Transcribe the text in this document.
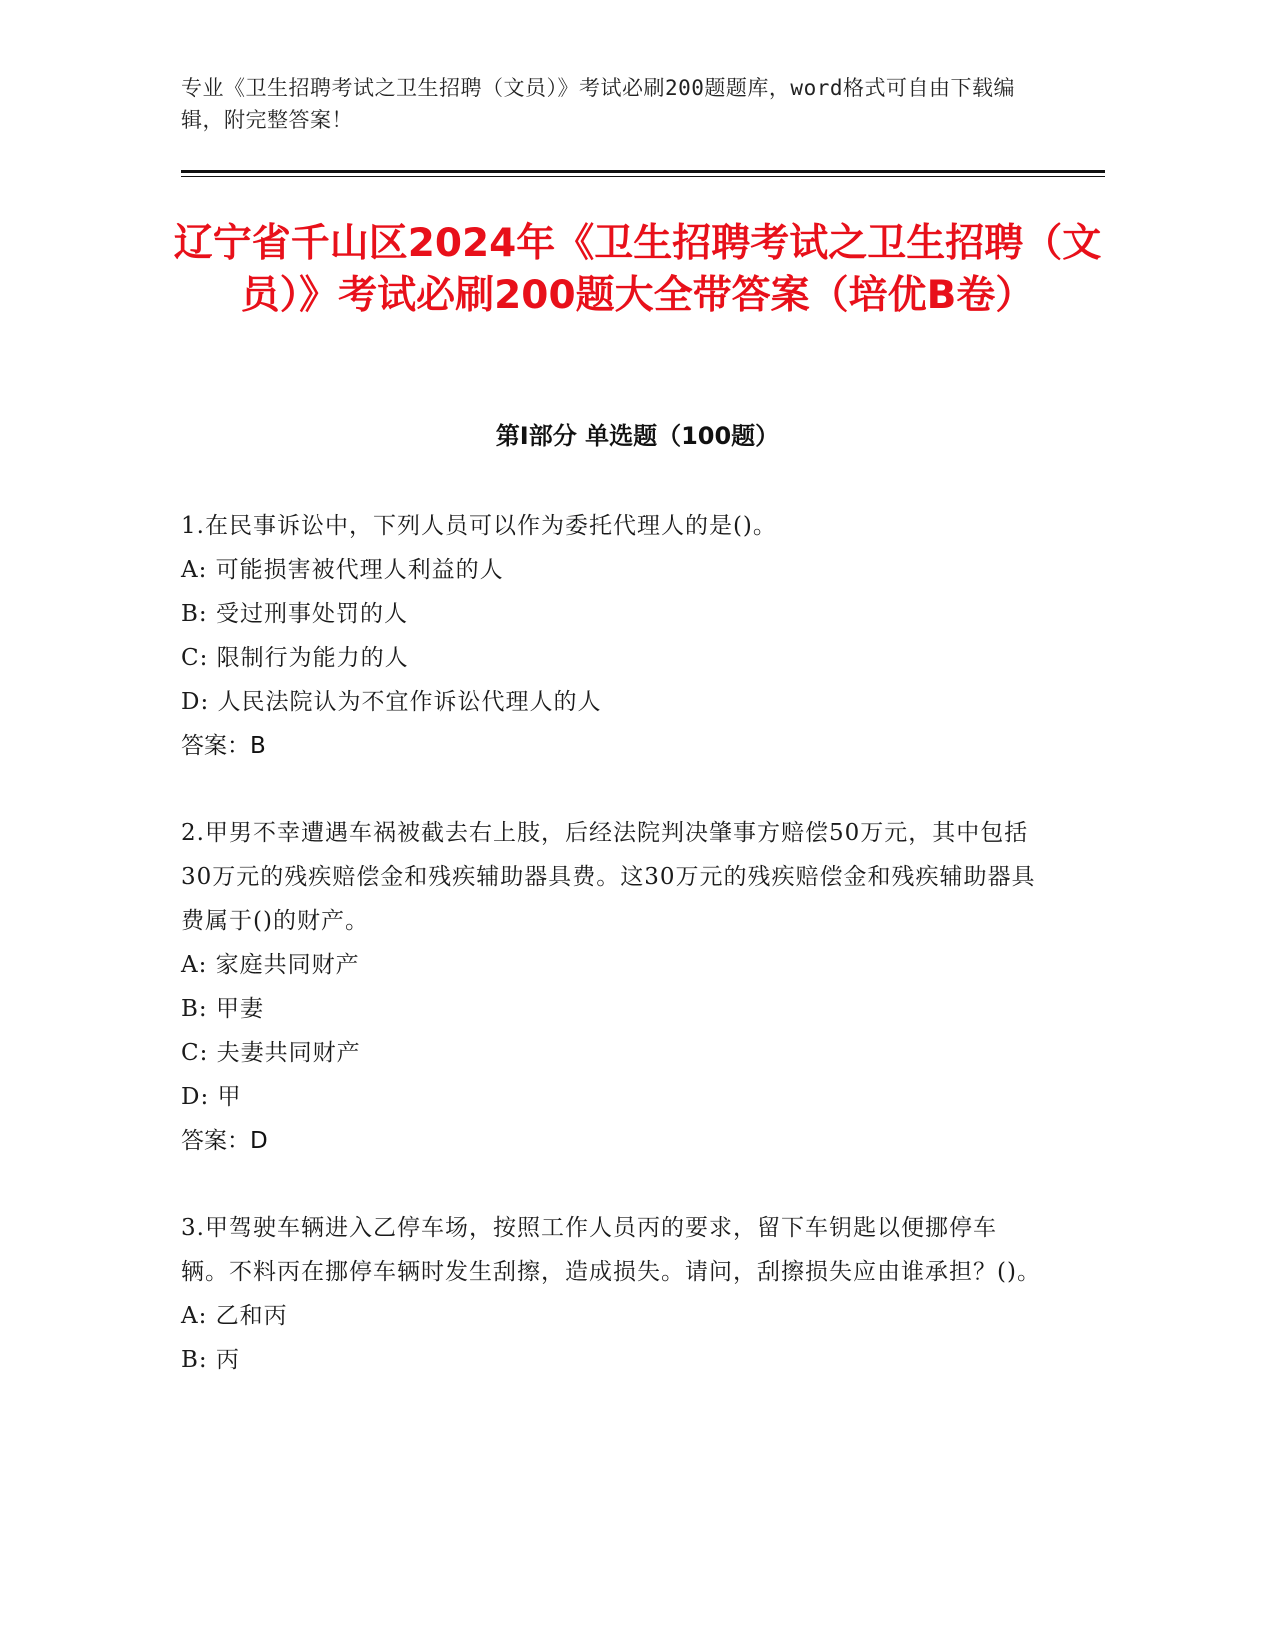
专业《卫生招聘考试之卫生招聘（文员）》考试必刷200题题库，word格式可自由下载编辑，附完整答案！
辽宁省千山区2024年《卫生招聘考试之卫生招聘（文员）》考试必刷200题大全带答案（培优B卷）
第Ⅰ部分 单选题（100题）
1.在民事诉讼中，下列人员可以作为委托代理人的是()。
A: 可能损害被代理人利益的人
B: 受过刑事处罚的人
C: 限制行为能力的人
D: 人民法院认为不宜作诉讼代理人的人
答案：B
2.甲男不幸遭遇车祸被截去右上肢，后经法院判决肇事方赔偿50万元，其中包括30万元的残疾赔偿金和残疾辅助器具费。这30万元的残疾赔偿金和残疾辅助器具费属于()的财产。
A: 家庭共同财产
B: 甲妻
C: 夫妻共同财产
D: 甲
答案：D
3.甲驾驶车辆进入乙停车场，按照工作人员丙的要求，留下车钥匙以便挪停车辆。不料丙在挪停车辆时发生刮擦，造成损失。请问，刮擦损失应由谁承担？()。
A: 乙和丙
B: 丙
